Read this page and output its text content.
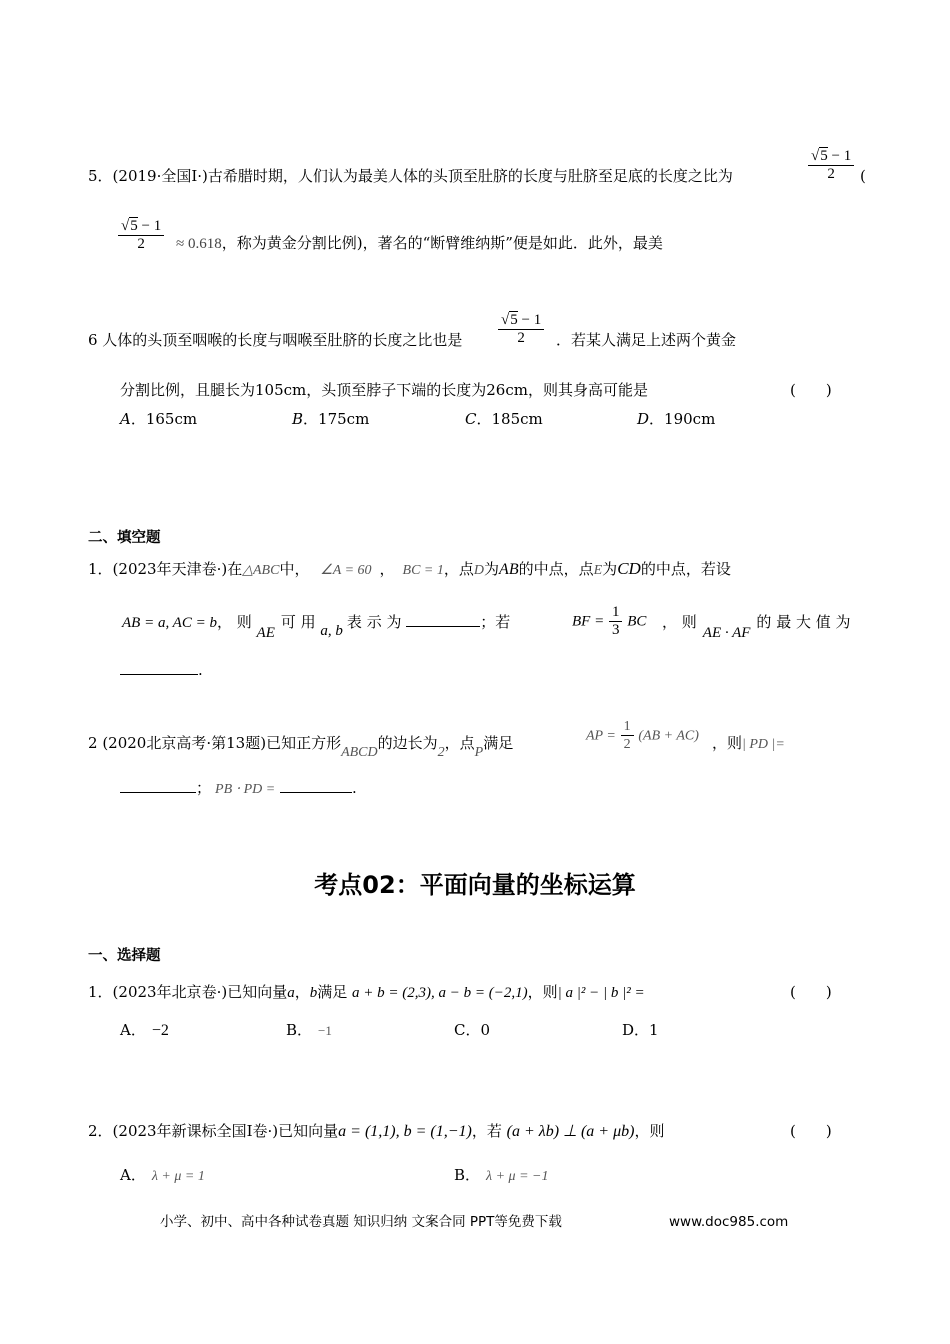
5．(2019·全国Ⅰ·)古希腊时期，人们认为最美人体的头顶至肚脐的长度与肚脐至足底的长度之比为	$\frac{√5 - 1}{2}$ (
$\frac{√5 - 1}{2} \approx 0.618$，称为黄金分割比例)，著名的“断臂维纳斯”便是如此．此外，最美
6 人体的头顶至咽喉的长度与咽喉至肚脐的长度之比也是 $\frac{√5 - 1}{2}$ ．若某人满足上述两个黄金
分割比例，且腿长为105cm，头顶至脖子下端的长度为26cm，则其身高可能是	(　　)
A．165cm	B．175cm	C．185cm	D．190cm
二、填空题
1．(2023年天津卷·)在△ABC中， ∠A = 60 ， BC = 1，点D为AB的中点，点E为CD的中点，若设
AB = a, AC = b， 则 AE可 用 a, b 表 示 为	；若	BF = $\frac{1}{3}$ BC ， 则AE · AF的 最 大 值 为
.
2 (2020北京高考·第13题)已知正方形ABCD的边长为2，点P满足	AP = $\frac{1}{2} (AB + AC)$ ，则| PD |=
； PB ⋅ PD =	.
考点02：平面向量的坐标运算
一、选择题
1．(2023年北京卷·)已知向量a，b满足 a + b = (2,3), a − b = (−2,1)，则| a |² − | b |² =	(　　)
A． −2	B． −1	C．0	D．1
2．(2023年新课标全国Ⅰ卷·)已知向量a = (1,1), b = (1,−1)，若 (a + λb) ⊥ (a + μb)，则	(　　)
A． λ + μ = 1	B． λ + μ = −1
小学、初中、高中各种试卷真题 知识归纳 文案合同 PPT等免费下载	www.doc985.com
